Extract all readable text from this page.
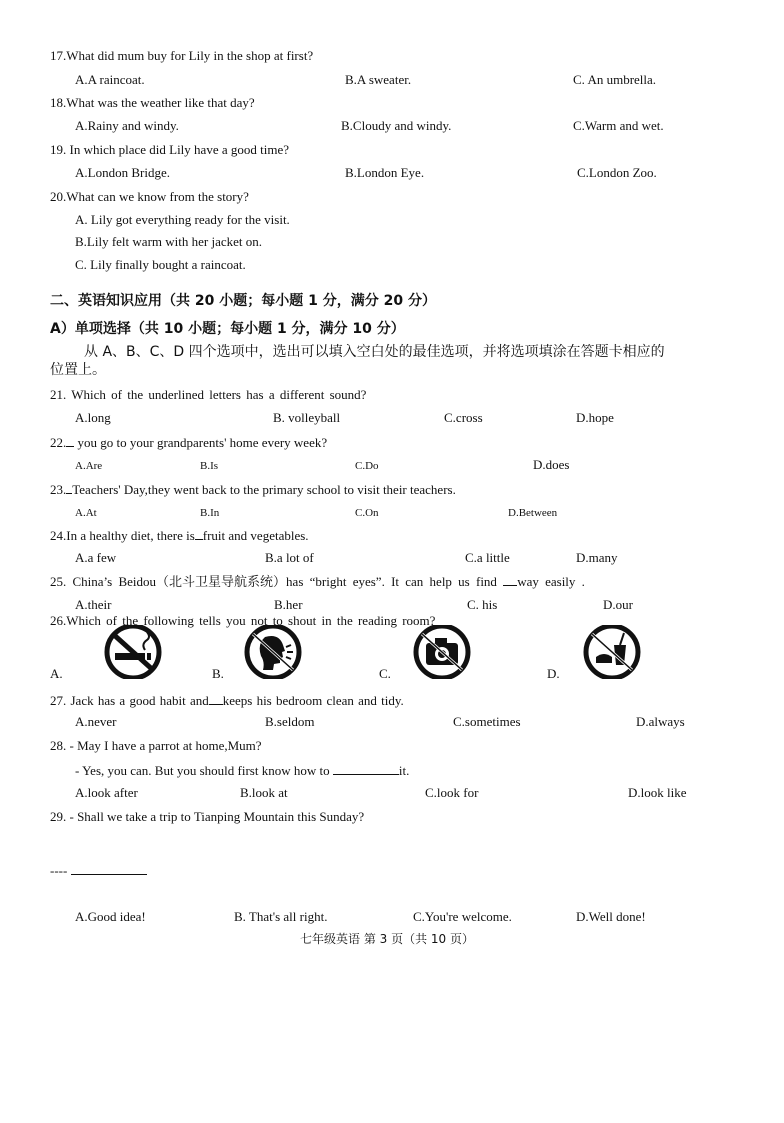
17.What did mum buy for Lily in the shop at first?
A.A raincoat.	B.A sweater.	C. An umbrella.
18.What was the weather like that day?
A.Rainy and windy.	B.Cloudy and windy.	C.Warm and wet.
19. In which place did Lily have a good time?
A.London Bridge.	B.London Eye.	C.London Zoo.
20.What can we know from the story?
A. Lily got everything ready for the visit.
B.Lily felt warm with her jacket on.
C. Lily finally bought a raincoat.
二、英语知识应用（共 20 小题；每小题 1 分，满分 20 分）
A）单项选择（共 10 小题；每小题 1 分，满分 10 分）
从 A、B、C、D 四个选项中，选出可以填入空白处的最佳选项，并将选项填涂在答题卡相应的
位置上。
21. Which of the underlined letters has a different sound?
A.long	B. volleyball	C.cross	D.hope
22. you go to your grandparents' home every week?
A.Are	B.Is	C.Do	D.does
23. Teachers' Day,they went back to the primary school to visit their teachers.
A.At	B.In	C.On	D.Between
24.In a healthy diet, there is fruit and vegetables.
A.a few	B.a lot of	C.a little	D.many
25. China’s Beidou（北斗卫星导航系统）has “bright eyes”. It can help us find way easily .
A.their	B.her	C. his	D.our
26.Which of the following tells you not to shout in the reading room?
A.	B.	C.	D.
27. Jack has a good habit and keeps his bedroom clean and tidy.
A.never	B.seldom	C.sometimes	D.always
28. - May I have a parrot at home,Mum?
- Yes, you can. But you should first know how to	it.
A.look after	B.look at	C.look for	D.look like
29. - Shall we take a trip to Tianping Mountain this Sunday?
----
A.Good idea!	B. That's all right.	C.You're welcome.	D.Well done!
七年级英语 第 3 页（共 10 页）
